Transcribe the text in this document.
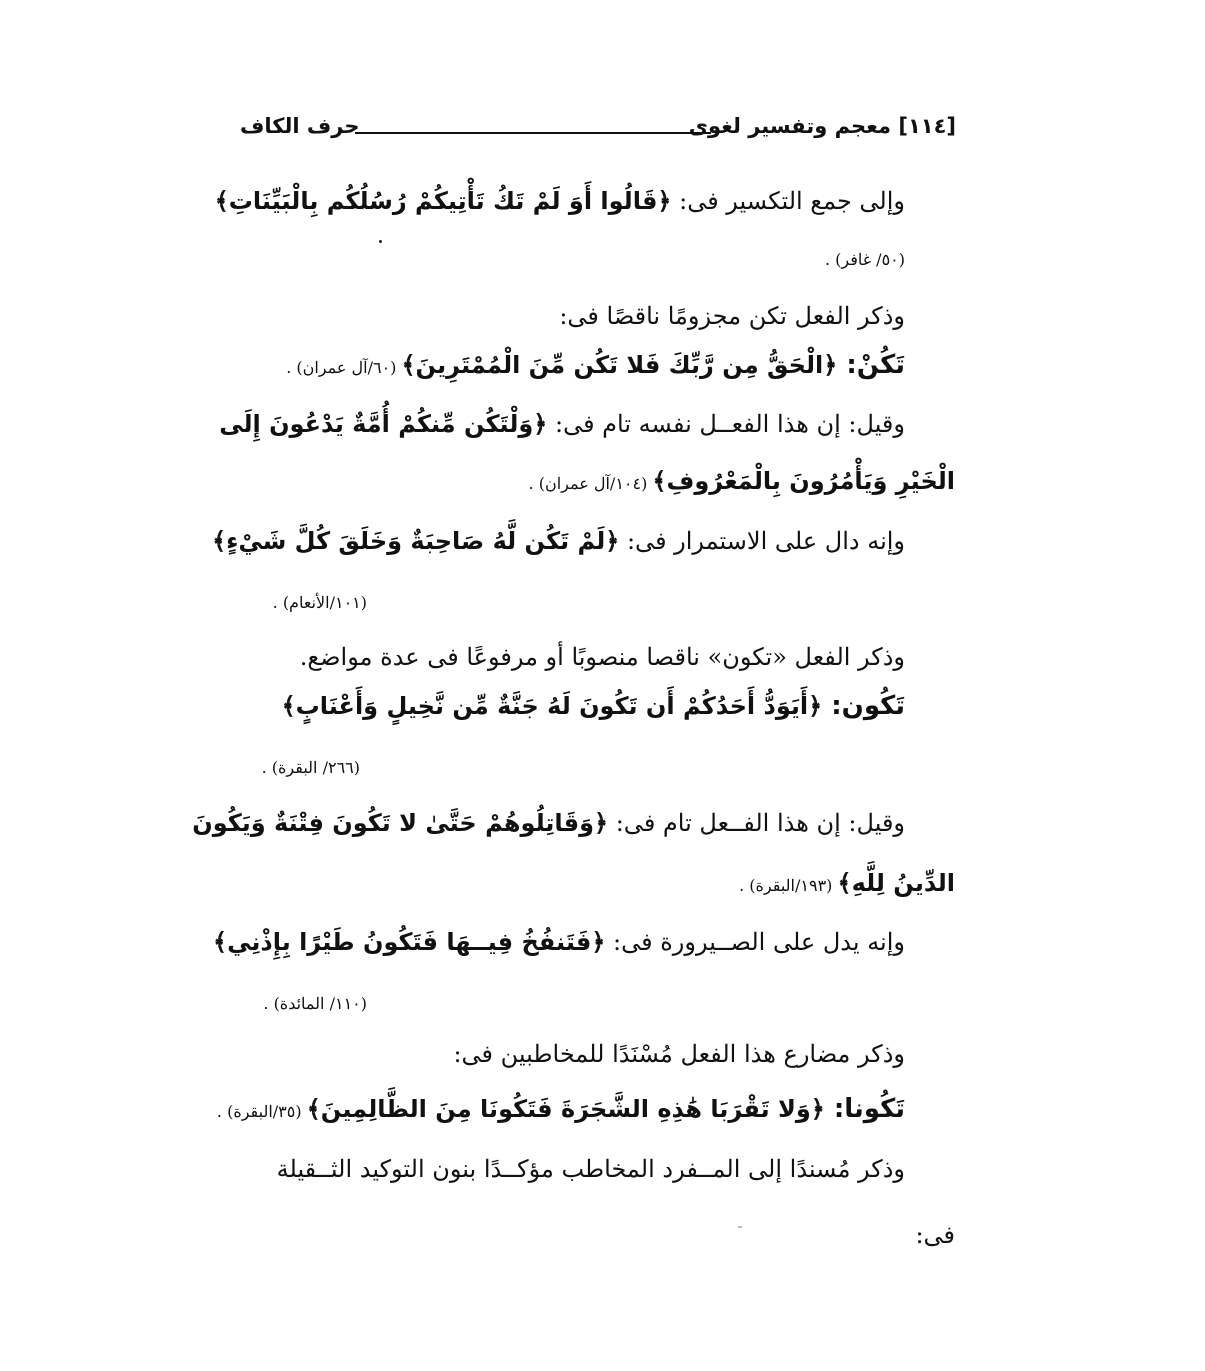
[١١٤] معجم وتفسير لغوى
حرف الكاف
وإلى جمع التكسير فى: ﴿قَالُوا أَوَ لَمْ تَكُ تَأْتِيكُمْ رُسُلُكُم بِالْبَيِّنَاتِ﴾
(٥٠/ غافر) .
وذكر الفعل تكن مجزومًا ناقصًا فى:
تَكُنْ: ﴿الْحَقُّ مِن رَّبِّكَ فَلا تَكُن مِّنَ الْمُمْتَرِينَ﴾ (٦٠/آل عمران) .
وقيل: إن هذا الفعــل نفسه تام فى: ﴿وَلْتَكُن مِّنكُمْ أُمَّةٌ يَدْعُونَ إِلَى
الْخَيْرِ وَيَأْمُرُونَ بِالْمَعْرُوفِ﴾ (١٠٤/آل عمران) .
وإنه دال على الاستمرار فى: ﴿لَمْ تَكُن لَّهُ صَاحِبَةٌ وَخَلَقَ كُلَّ شَيْءٍ﴾
(١٠١/الأنعام) .
وذكر الفعل «تكون» ناقصا منصوبًا أو مرفوعًا فى عدة مواضع.
تَكُون: ﴿أَيَوَدُّ أَحَدُكُمْ أَن تَكُونَ لَهُ جَنَّةٌ مِّن نَّخِيلٍ وَأَعْنَابٍ﴾
(٢٦٦/ البقرة) .
وقيل: إن هذا الفــعل تام فى: ﴿وَقَاتِلُوهُمْ حَتَّىٰ لا تَكُونَ فِتْنَةٌ وَيَكُونَ
الدِّينُ لِلَّهِ﴾ (١٩٣/البقرة) .
وإنه يدل على الصــيرورة فى: ﴿فَتَنفُخُ فِيــهَا فَتَكُونُ طَيْرًا بِإِذْنِي﴾
(١١٠/ المائدة) .
وذكر مضارع هذا الفعل مُسْنَدًا للمخاطبين فى:
تَكُونا: ﴿وَلا تَقْرَبَا هَٰذِهِ الشَّجَرَةَ فَتَكُونَا مِنَ الظَّالِمِينَ﴾ (٣٥/البقرة) .
وذكر مُسندًا إلى المــفرد المخاطب مؤكــدًا بنون التوكيد الثــقيلة
فى:
